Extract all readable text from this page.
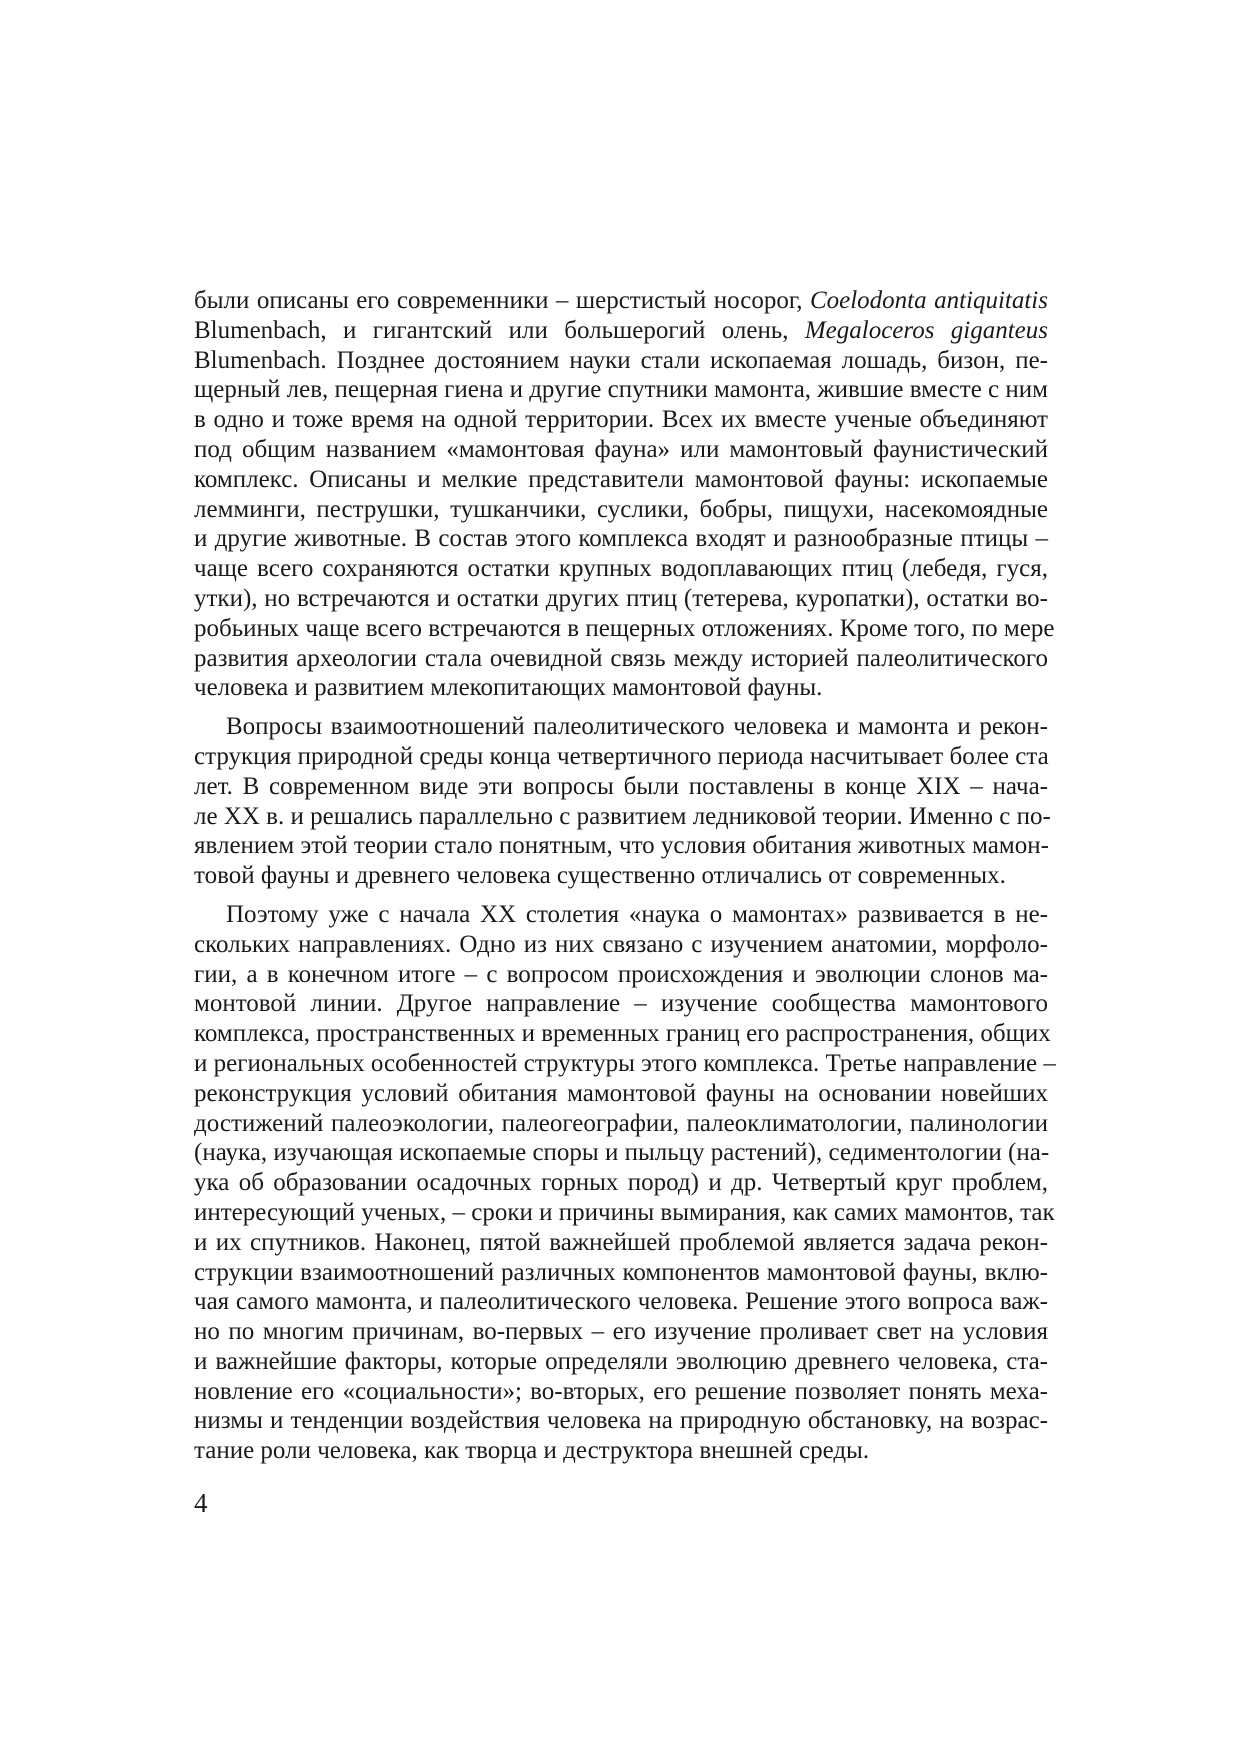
были описаны его современники – шерстистый носорог, Coelodonta antiquitatis
Blumenbach, и гигантский или большерогий олень, Megaloceros giganteus
Blumenbach. Позднее достоянием науки стали ископаемая лошадь, бизон, пе-
щерный лев, пещерная гиена и другие спутники мамонта, жившие вместе с ним
в одно и тоже время на одной территории. Всех их вместе ученые объединяют
под общим названием «мамонтовая фауна» или мамонтовый фаунистический
комплекс. Описаны и мелкие представители мамонтовой фауны: ископаемые
лемминги, пеструшки, тушканчики, суслики, бобры, пищухи, насекомоядные
и другие животные. В состав этого комплекса входят и разнообразные птицы –
чаще всего сохраняются остатки крупных водоплавающих птиц (лебедя, гуся,
утки), но встречаются и остатки других птиц (тетерева, куропатки), остатки во-
робьиных чаще всего встречаются в пещерных отложениях. Кроме того, по мере
развития археологии стала очевидной связь между историей палеолитического
человека и развитием млекопитающих мамонтовой фауны.
Вопросы взаимоотношений палеолитического человека и мамонта и рекон-
струкция природной среды конца четвертичного периода насчитывает более ста
лет. В современном виде эти вопросы были поставлены в конце XIX – нача-
ле XX в. и решались параллельно с развитием ледниковой теории. Именно с по-
явлением этой теории стало понятным, что условия обитания животных мамон-
товой фауны и древнего человека существенно отличались от современных.
Поэтому уже с начала XX столетия «наука о мамонтах» развивается в не-
скольких направлениях. Одно из них связано с изучением анатомии, морфоло-
гии, а в конечном итоге – с вопросом происхождения и эволюции слонов ма-
монтовой линии. Другое направление – изучение сообщества мамонтового
комплекса, пространственных и временных границ его распространения, общих
и региональных особенностей структуры этого комплекса. Третье направление –
реконструкция условий обитания мамонтовой фауны на основании новейших
достижений палеоэкологии, палеогеографии, палеоклиматологии, палинологии
(наука, изучающая ископаемые споры и пыльцу растений), седиментологии (на-
ука об образовании осадочных горных пород) и др. Четвертый круг проблем,
интересующий ученых, – сроки и причины вымирания, как самих мамонтов, так
и их спутников. Наконец, пятой важнейшей проблемой является задача рекон-
струкции взаимоотношений различных компонентов мамонтовой фауны, вклю-
чая самого мамонта, и палеолитического человека. Решение этого вопроса важ-
но по многим причинам, во-первых – его изучение проливает свет на условия
и важнейшие факторы, которые определяли эволюцию древнего человека, ста-
новление его «социальности»; во-вторых, его решение позволяет понять меха-
низмы и тенденции воздействия человека на природную обстановку, на возрас-
тание роли человека, как творца и деструктора внешней среды.
4
